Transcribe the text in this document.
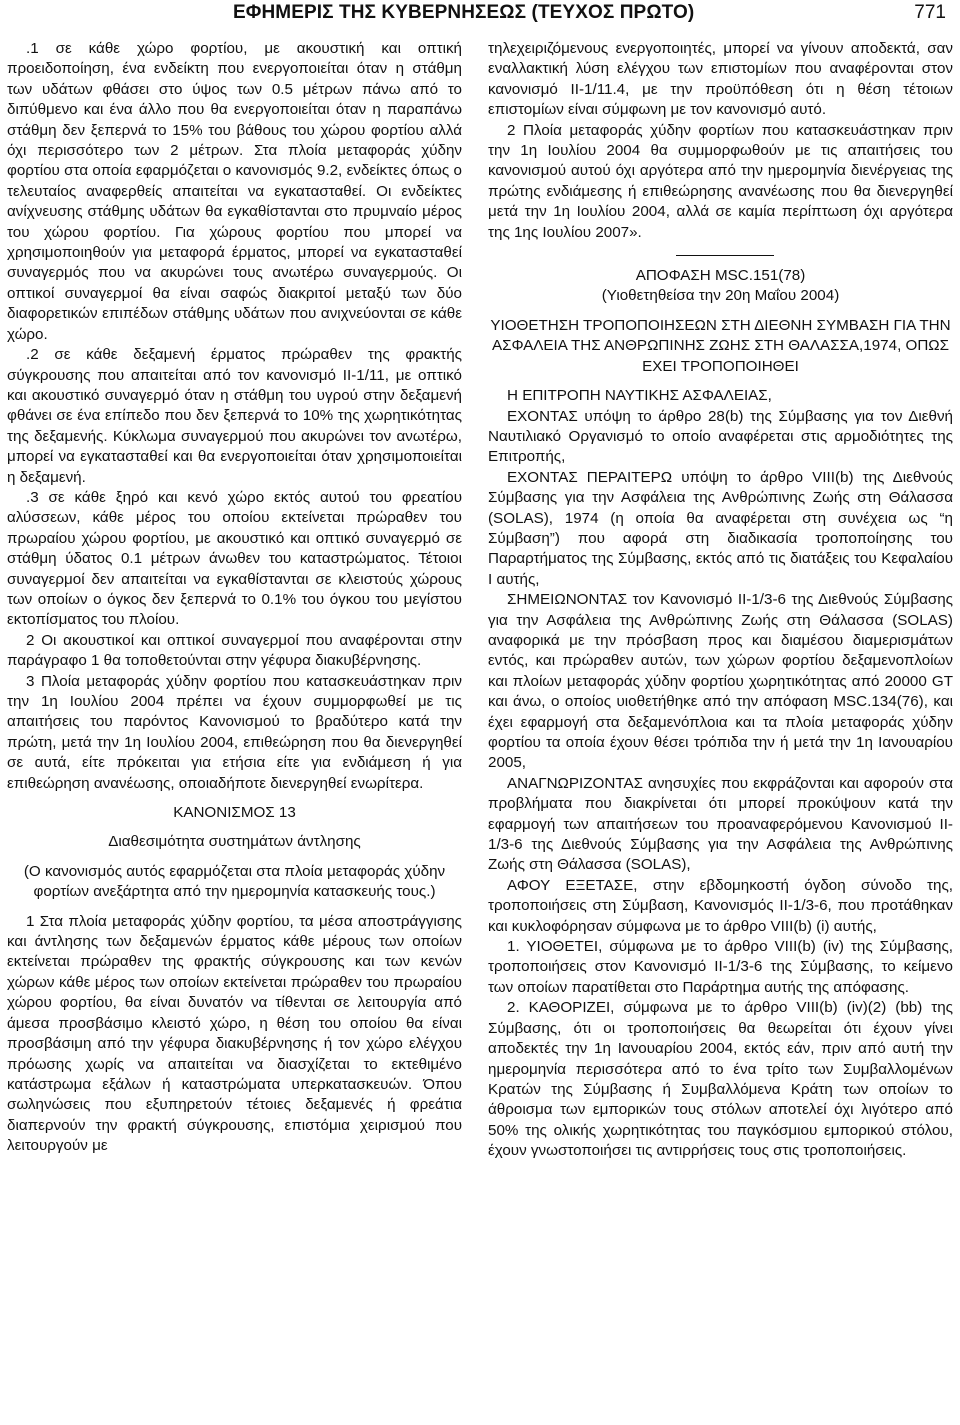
ΕΦΗΜΕΡΙΣ ΤΗΣ ΚΥΒΕΡΝΗΣΕΩΣ (ΤΕΥΧΟΣ ΠΡΩΤΟ)	771

.1 σε κάθε χώρο φορτίου, με ακουστική και οπτική προειδοποίηση, ένα ενδείκτη που ενεργοποιείται όταν η στάθμη των υδάτων φθάσει στο ύψος των 0.5 μέτρων πάνω από το διπύθμενο και ένα άλλο που θα ενεργοποιείται όταν η παραπάνω στάθμη δεν ξεπερνά το 15% του βάθους του χώρου φορτίου αλλά όχι περισσότερο των 2 μέτρων. Στα πλοία μεταφοράς χύδην φορτίου στα οποία εφαρμόζεται ο κανονισμός 9.2, ενδείκτες όπως ο τελευταίος αναφερθείς απαιτείται να εγκατασταθεί. Οι ενδείκτες ανίχνευσης στάθμης υδάτων θα εγκαθίστανται στο πρυμναίο μέρος του χώρου φορτίου. Για χώρους φορτίου που μπορεί να χρησιμοποιηθούν για μεταφορά έρματος, μπορεί να εγκατασταθεί συναγερμός που να ακυρώνει τους ανωτέρω συναγερμούς. Οι οπτικοί συναγερμοί θα είναι σαφώς διακριτοί μεταξύ των δύο διαφορετικών επιπέδων στάθμης υδάτων που ανιχνεύονται σε κάθε χώρο.

.2 σε κάθε δεξαμενή έρματος πρώραθεν της φρακτής σύγκρουσης που απαιτείται από τον κανονισμό II-1/11, με οπτικό και ακουστικό συναγερμό όταν η στάθμη του υγρού στην δεξαμενή φθάνει σε ένα επίπεδο που δεν ξεπερνά το 10% της χωρητικότητας της δεξαμενής. Κύκλωμα συναγερμού που ακυρώνει τον ανωτέρω, μπορεί να εγκατασταθεί και θα ενεργοποιείται όταν χρησιμοποιείται η δεξαμενή.

.3 σε κάθε ξηρό και κενό χώρο εκτός αυτού του φρεατίου αλύσσεων, κάθε μέρος του οποίου εκτείνεται πρώραθεν του πρωραίου χώρου φορτίου, με ακουστικό και οπτικό συναγερμό σε στάθμη ύδατος 0.1 μέτρων άνωθεν του καταστρώματος. Τέτοιοι συναγερμοί δεν απαιτείται να εγκαθίστανται σε κλειστούς χώρους των οποίων ο όγκος δεν ξεπερνά το 0.1% του όγκου του μεγίστου εκτοπίσματος του πλοίου.

2 Οι ακουστικοί και οπτικοί συναγερμοί που αναφέρονται στην παράγραφο 1 θα τοποθετούνται στην γέφυρα διακυβέρνησης.

3 Πλοία μεταφοράς χύδην φορτίου που κατασκευάστηκαν πριν την 1η Ιουλίου 2004 πρέπει να έχουν συμμορφωθεί με τις απαιτήσεις του παρόντος Κανονισμού το βραδύτερο κατά την πρώτη, μετά την 1η Ιουλίου 2004, επιθεώρηση που θα διενεργηθεί σε αυτά, είτε πρόκειται για ετήσια είτε για ενδιάμεση ή για επιθεώρηση ανανέωσης, οποιαδήποτε διενεργηθεί ενωρίτερα.

ΚΑΝΟΝΙΣΜΟΣ 13

Διαθεσιμότητα συστημάτων άντλησης

(Ο κανονισμός αυτός εφαρμόζεται στα πλοία μεταφοράς χύδην φορτίων ανεξάρτητα από την ημερομηνία κατασκευής τους.)

1 Στα πλοία μεταφοράς χύδην φορτίου, τα μέσα αποστράγγισης και άντλησης των δεξαμενών έρματος κάθε μέρους των οποίων εκτείνεται πρώραθεν της φρακτής σύγκρουσης και των κενών χώρων κάθε μέρος των οποίων εκτείνεται πρώραθεν του πρωραίου χώρου φορτίου, θα είναι δυνατόν να τίθενται σε λειτουργία από άμεσα προσβάσιμο κλειστό χώρο, η θέση του οποίου θα είναι προσβάσιμη από την γέφυρα διακυβέρνησης ή τον χώρο ελέγχου πρόωσης χωρίς να απαιτείται να διασχίζεται το εκτεθιμένο κατάστρωμα εξάλων ή καταστρώματα υπερκατασκευών. Όπου σωληνώσεις που εξυπηρετούν τέτοιες δεξαμενές ή φρεάτια διαπερνούν την φρακτή σύγκρουσης, επιστόμια χειρισμού που λειτουργούν με

τηλεχειριζόμενους ενεργοποιητές, μπορεί να γίνουν αποδεκτά, σαν εναλλακτική λύση ελέγχου των επιστομίων που αναφέρονται στον κανονισμό II-1/11.4, με την προϋπόθεση ότι η θέση τέτοιων επιστομίων είναι σύμφωνη με τον κανονισμό αυτό.

2 Πλοία μεταφοράς χύδην φορτίων που κατασκευάστηκαν πριν την 1η Ιουλίου 2004 θα συμμορφωθούν με τις απαιτήσεις του κανονισμού αυτού όχι αργότερα από την ημερομηνία διενέργειας της πρώτης ενδιάμεσης ή επιθεώρησης ανανέωσης που θα διενεργηθεί μετά την 1η Ιουλίου 2004, αλλά σε καμία περίπτωση όχι αργότερα της 1ης Ιουλίου 2007».

ΑΠΟΦΑΣΗ MSC.151(78)

(Υιοθετηθείσα την 20η Μαΐου 2004)

ΥΙΟΘΕΤΗΣΗ ΤΡΟΠΟΠΟΙΗΣΕΩΝ ΣΤΗ ΔΙΕΘΝΗ ΣΥΜΒΑΣΗ ΓΙΑ ΤΗΝ ΑΣΦΑΛΕΙΑ ΤΗΣ ΑΝΘΡΩΠΙΝΗΣ ΖΩΗΣ ΣΤΗ ΘΑΛΑΣΣΑ,1974, ΟΠΩΣ ΕΧΕΙ ΤΡΟΠΟΠΟΙΗΘΕΙ

Η ΕΠΙΤΡΟΠΗ ΝΑΥΤΙΚΗΣ ΑΣΦΑΛΕΙΑΣ,

ΕΧΟΝΤΑΣ υπόψη το άρθρο 28(b) της Σύμβασης για τον Διεθνή Ναυτιλιακό Οργανισμό το οποίο αναφέρεται στις αρμοδιότητες της Επιτροπής,

ΕΧΟΝΤΑΣ ΠΕΡΑΙΤΕΡΩ υπόψη το άρθρο VIII(b) της Διεθνούς Σύμβασης για την Ασφάλεια της Ανθρώπινης Ζωής στη Θάλασσα (SOLAS), 1974 (η οποία θα αναφέρεται στη συνέχεια ως “η Σύμβαση”) που αφορά στη διαδικασία τροποποίησης του Παραρτήματος της Σύμβασης, εκτός από τις διατάξεις του Κεφαλαίου I αυτής,

ΣΗΜΕΙΩΝΟΝΤΑΣ τον Κανονισμό II-1/3-6 της Διεθνούς Σύμβασης για την Ασφάλεια της Ανθρώπινης Ζωής στη Θάλασσα (SOLAS) αναφορικά με την πρόσβαση προς και διαμέσου διαμερισμάτων εντός, και πρώραθεν αυτών, των χώρων φορτίου δεξαμενοπλοίων και πλοίων μεταφοράς χύδην φορτίου χωρητικότητας από 20000 GT και άνω, ο οποίος υιοθετήθηκε από την απόφαση MSC.134(76), και έχει εφαρμογή στα δεξαμενόπλοια και τα πλοία μεταφοράς χύδην φορτίου τα οποία έχουν θέσει τρόπιδα την ή μετά την 1η Ιανουαρίου 2005,

ΑΝΑΓΝΩΡΙΖΟΝΤΑΣ ανησυχίες που εκφράζονται και αφορούν στα προβλήματα που διακρίνεται ότι μπορεί προκύψουν κατά την εφαρμογή των απαιτήσεων του προαναφερόμενου Κανονισμού II-1/3-6 της Διεθνούς Σύμβασης για την Ασφάλεια της Ανθρώπινης Ζωής στη Θάλασσα (SOLAS),

ΑΦΟΥ ΕΞΕΤΑΣΕ, στην εβδομηκοστή όγδοη σύνοδο της, τροποποιήσεις στη Σύμβαση, Κανονισμός II-1/3-6, που προτάθηκαν και κυκλοφόρησαν σύμφωνα με το άρθρο VIII(b) (i) αυτής,

1. ΥΙΟΘΕΤΕΙ, σύμφωνα με το άρθρο VIII(b) (iv) της Σύμβασης, τροποποιήσεις στον Κανονισμό II-1/3-6 της Σύμβασης, το κείμενο των οποίων παρατίθεται στο Παράρτημα αυτής της απόφασης.

2. ΚΑΘΟΡΙΖΕΙ, σύμφωνα με το άρθρο VIII(b) (iv)(2) (bb) της Σύμβασης, ότι οι τροποποιήσεις θα θεωρείται ότι έχουν γίνει αποδεκτές την 1η Ιανουαρίου 2004, εκτός εάν, πριν από αυτή την ημερομηνία περισσότερα από το ένα τρίτο των Συμβαλλομένων Κρατών της Σύμβασης ή Συμβαλλόμενα Κράτη των οποίων το άθροισμα των εμπορικών τους στόλων αποτελεί όχι λιγότερο από 50% της ολικής χωρητικότητας του παγκόσμιου εμπορικού στόλου, έχουν γνωστοποιήσει τις αντιρρήσεις τους στις τροποποιήσεις.
